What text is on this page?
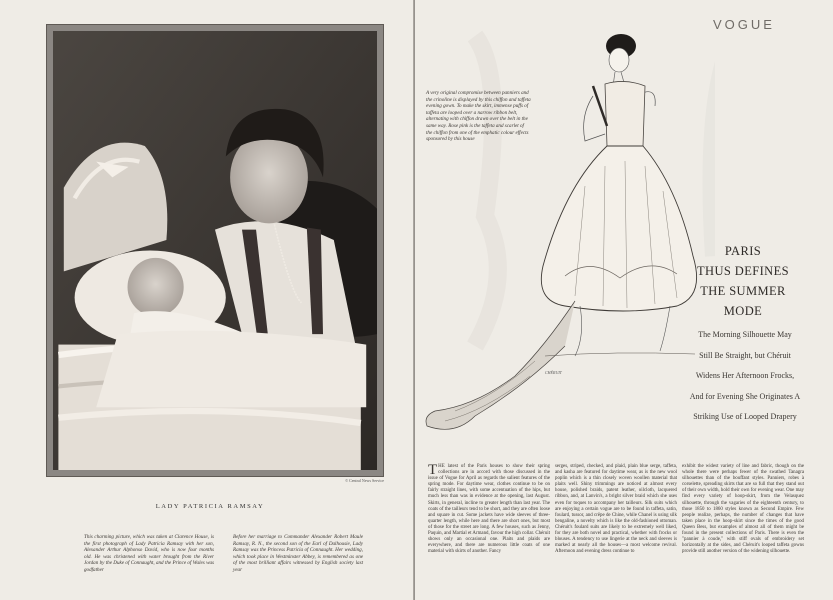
© Central News Service
LADY PATRICIA RAMSAY
This charming picture, which was taken at Clarence House, is the first photograph of Lady Patricia Ramsay with her son, Alexander Arthur Alphonso David, who is now four months old. He was christened with water brought from the River Jordan by the Duke of Connaught, and the Prince of Wales was godfather
Before her marriage to Commander Alexander Robert Maule Ramsay, R. N., the second son of the Earl of Dalhousie, Lady Ramsay was the Princess Patricia of Connaught. Her wedding, which took place in Westminster Abbey, is remembered as one of the most brilliant affairs witnessed by English society last year
VOGUE
A very original compromise between panniers and the crinoline is displayed by this chiffon and taffeta evening gown. To make the skirt, immense puffs of taffeta are looped over a narrow ribbon belt, alternating with chiffon drawn over the belt in the same way. Rose pink is the taffeta and scarlet of the chiffon from one of the emphatic colour effects sponsored by this house
CHÉRUIT
PARIS
THUS DEFINES
THE SUMMER
MODE
The Morning Silhouette May
Still Be Straight, but Chéruit
Widens Her Afternoon Frocks,
And for Evening She Originates A
Striking Use of Looped Drapery
THE latest of the Paris houses to show their spring collections are in accord with those discussed in the issue of Vogue for April as regards the salient features of the spring mode. For daytime wear, clothes continue to be on fairly straight lines, with some accentuation of the hips, but much less than was in evidence at the opening, last August. Skirts, in general, incline to greater length than last year. The coats of the tailleurs tend to be short, and they are often loose and square in cut. Some jackets have wide sleeves of three-quarter length, while here and there are short ones, but most of those for the street are long. A few houses, such as Jenny, Paquin, and Martial et Armand, favour the high collar. Chéruit shows only an occasional one. Plaits and plaids are everywhere, and there are numerous little coats of one material with skirts of another. Fancy
serges, striped, checked, and plaid, plain blue serge, taffeta, and kasha are featured for daytime wear, as is the new wool poplin which is a thin closely woven woollen material that plaits well. Shiny trimmings are noticed at almost every house, polished braids, patent leather, oilcloth, lacquered ribbon, and, at Lanvin's, a bright silver braid which she uses even for toques to accompany her tailleurs. Silk suits which are enjoying a certain vogue are to be found in taffeta, satin, foulard, tussor, and crêpe de Chine, while Chanel is using silk bengaline, a novelty which is like the old-fashioned ottoman. Chéruit's foulard suits are likely to be extremely well liked, for they are both novel and practical, whether with frocks or blouses. A tendency to use lingerie at the neck and sleeves is marked at nearly all the houses—a most welcome revival. Afternoon and evening dress continue to
exhibit the widest variety of line and fabric, though on the whole there were perhaps fewer of the swathed Tanagra silhouettes than of the bouffant styles. Panniers, robes à corselette, spreading skirts that are so full that they stand out of their own width, hold their own for evening wear. One may find every variety of hoop-skirt, from the Velasquez silhouette, through the vagaries of the eighteenth century, to those 1850 to 1860 styles known as Second Empire. Few people realize, perhaps, the number of changes that have taken place in the hoop-skirt since the times of the good Queen Bess, but examples of almost all of them might be found in the present collections of Paris. There is even the "pannier à coude," with stiff ovals of embroidery set horizontally at the sides, and Chéruit's looped taffeta gowns provide still another version of the widening silhouette.
